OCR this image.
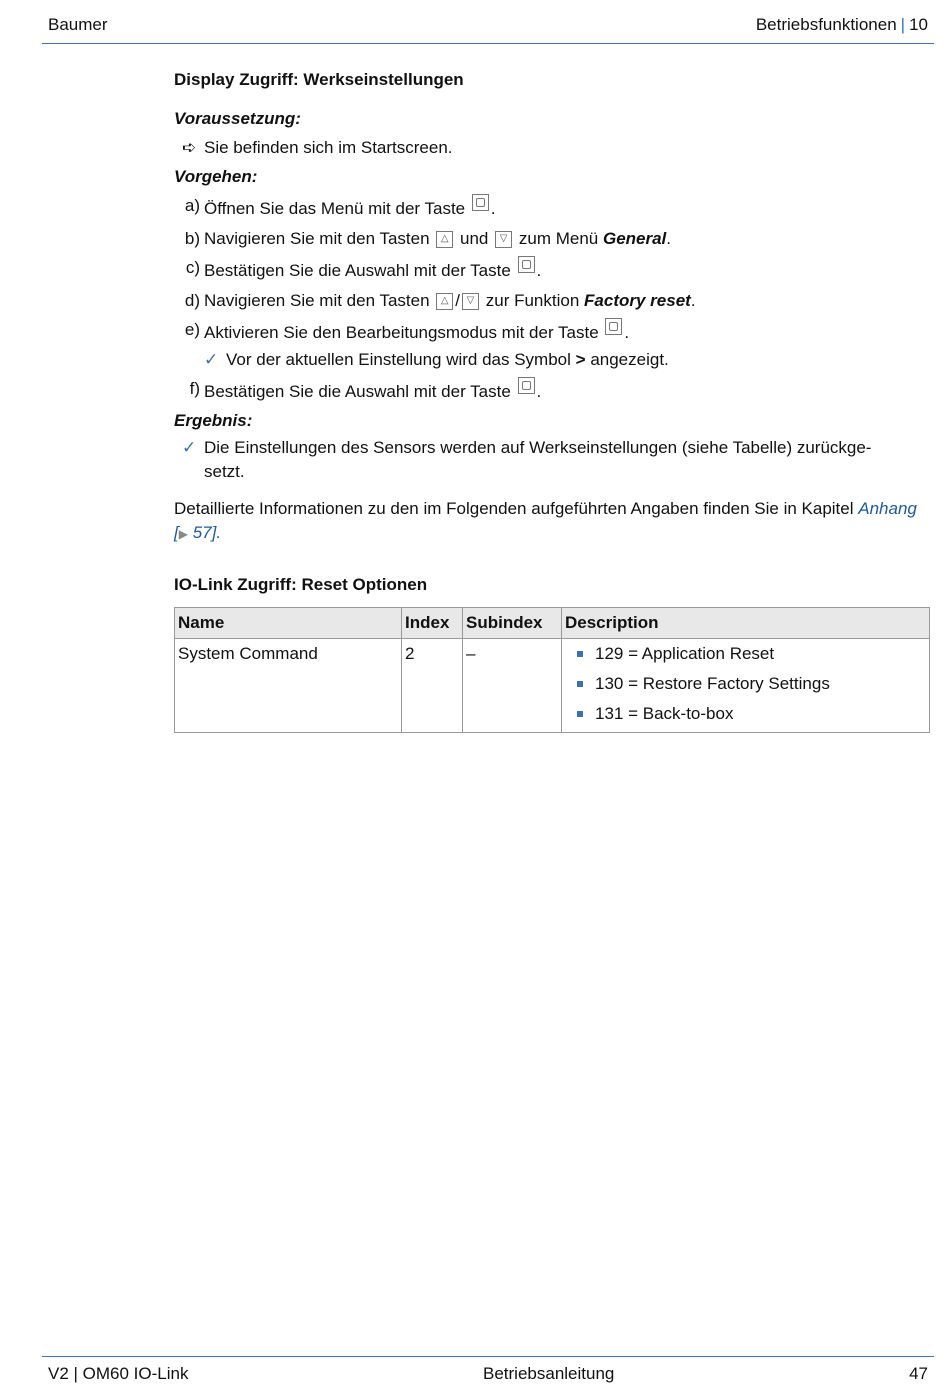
Baumer	Betriebsfunktionen | 10
Display Zugriff: Werkseinstellungen
Voraussetzung:
➪ Sie befinden sich im Startscreen.
Vorgehen:
a) Öffnen Sie das Menü mit der Taste .
b) Navigieren Sie mit den Tasten △ und ▽ zum Menü General.
c) Bestätigen Sie die Auswahl mit der Taste .
d) Navigieren Sie mit den Tasten △ / ▽ zur Funktion Factory reset.
e) Aktivieren Sie den Bearbeitungsmodus mit der Taste .
✓ Vor der aktuellen Einstellung wird das Symbol > angezeigt.
f) Bestätigen Sie die Auswahl mit der Taste .
Ergebnis:
✓ Die Einstellungen des Sensors werden auf Werkseinstellungen (siehe Tabelle) zurückge-setzt.
Detaillierte Informationen zu den im Folgenden aufgeführten Angaben finden Sie in Kapitel Anhang [▶ 57].
IO-Link Zugriff: Reset Optionen
Name	Index	Subindex	Description
System Command	2	–	129 = Application Reset
130 = Restore Factory Settings
131 = Back-to-box
V2 | OM60 IO-Link	Betriebsanleitung	47
